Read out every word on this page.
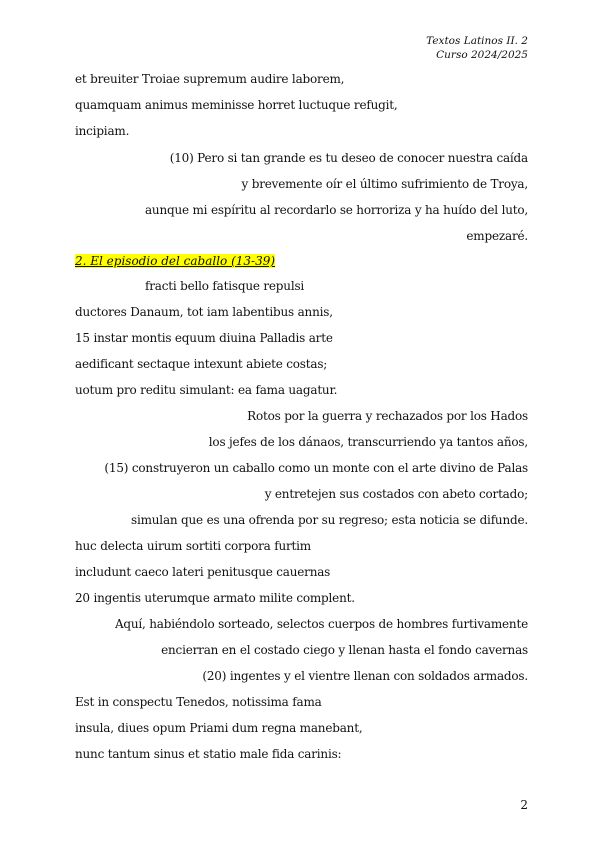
Textos Latinos II. 2
Curso 2024/2025
et breuiter Troiae supremum audire laborem,
quamquam animus meminisse horret luctuque refugit,
incipiam.
(10) Pero si tan grande es tu deseo de conocer nuestra caída
y brevemente oír el último sufrimiento de Troya,
aunque mi espíritu al recordarlo se horroriza y ha huído del luto,
empezaré.
2. El episodio del caballo (13-39)
fracti bello fatisque repulsi
ductores Danaum, tot iam labentibus annis,
15 instar montis equum diuina Palladis arte
aedificant sectaque intexunt abiete costas;
uotum pro reditu simulant: ea fama uagatur.
Rotos por la guerra y rechazados por los Hados
los jefes de los dánaos, transcurriendo ya tantos años,
(15) construyeron un caballo como un monte con el arte divino de Palas
y entretejen sus costados con abeto cortado;
simulan que es una ofrenda por su regreso; esta noticia se difunde.
huc delecta uirum sortiti corpora furtim
includunt caeco lateri penitusque cauernas
20 ingentis uterumque armato milite complent.
Aquí, habiéndolo sorteado, selectos cuerpos de hombres furtivamente
encierran en el costado ciego y llenan hasta el fondo cavernas
(20) ingentes y el vientre llenan con soldados armados.
Est in conspectu Tenedos, notissima fama
insula, diues opum Priami dum regna manebant,
nunc tantum sinus et statio male fida carinis:
2
